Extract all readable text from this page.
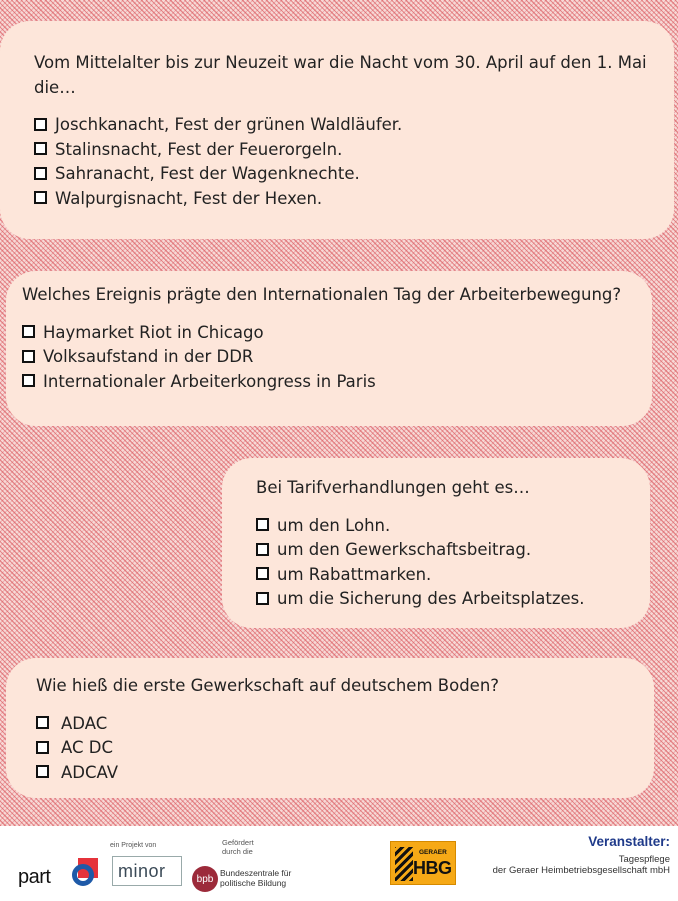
Vom Mittelalter bis zur Neuzeit war die Nacht vom 30. April auf den 1. Mai die…

Joschkanacht, Fest der grünen Waldläufer.
Stalinsnacht, Fest der Feuerorgeln.
Sahranacht, Fest der Wagenknechte.
Walpurgisnacht, Fest der Hexen.

Welches Ereignis prägte den Internationalen Tag der Arbeiterbewegung?

Haymarket Riot in Chicago
Volksaufstand in der DDR
Internationaler Arbeiterkongress in Paris

Bei Tarifverhandlungen geht es…

um den Lohn.
um den Gewerkschaftsbeitrag.
um Rabattmarken.
um die Sicherung des Arbeitsplatzes.

Wie hieß die erste Gewerkschaft auf deutschem Boden?

ADAC
AC DC
ADCAV
part
ein Projekt von
minor
Gefördert durch die
bpb
Bundeszentrale für politische Bildung
GERAER
HBG
Veranstalter:
Tagespflege
der Geraer Heimbetriebsgesellschaft mbH
